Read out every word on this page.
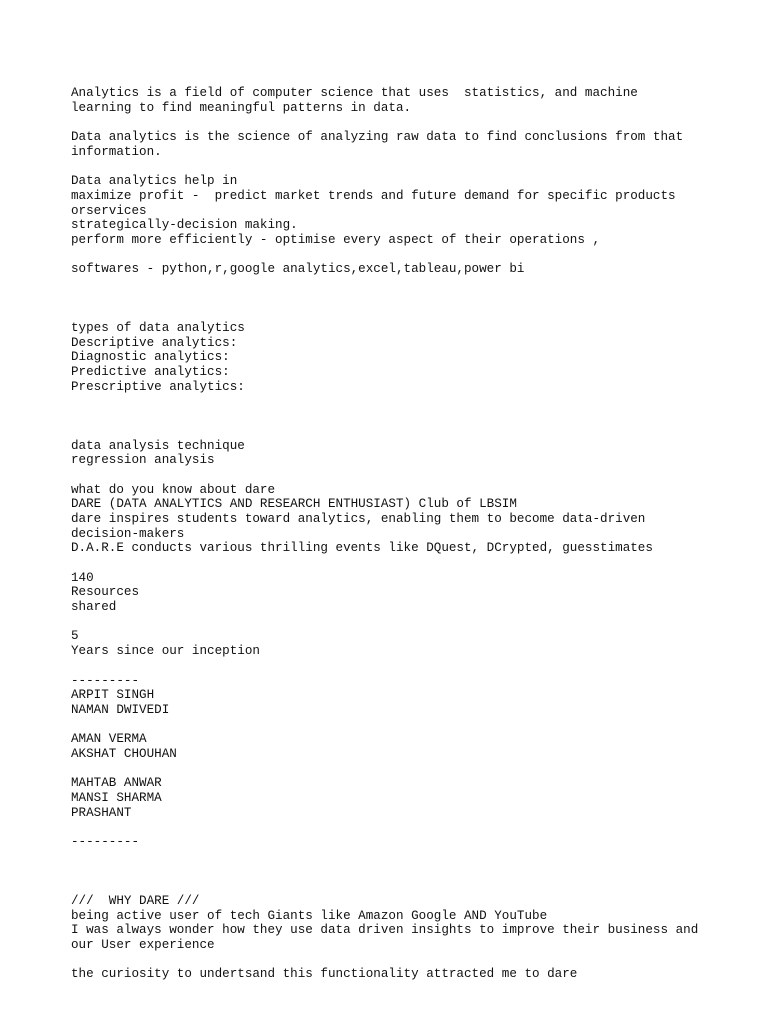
Analytics is a field of computer science that uses  statistics, and machine
learning to find meaningful patterns in data.
Data analytics is the science of analyzing raw data to find conclusions from that
information.
Data analytics help in
maximize profit -  predict market trends and future demand for specific products
orservices
strategically-decision making.
perform more efficiently - optimise every aspect of their operations ,
softwares - python,r,google analytics,excel,tableau,power bi
types of data analytics
Descriptive analytics:
Diagnostic analytics:
Predictive analytics:
Prescriptive analytics:
data analysis technique
regression analysis
what do you know about dare
DARE (DATA ANALYTICS AND RESEARCH ENTHUSIAST) Club of LBSIM
dare inspires students toward analytics, enabling them to become data-driven
decision-makers
D.A.R.E conducts various thrilling events like DQuest, DCrypted, guesstimates
140
Resources
shared
5
Years since our inception
---------
ARPIT SINGH
NAMAN DWIVEDI
AMAN VERMA
AKSHAT CHOUHAN
MAHTAB ANWAR
MANSI SHARMA
PRASHANT
---------
///  WHY DARE ///
being active user of tech Giants like Amazon Google AND YouTube
I was always wonder how they use data driven insights to improve their business and
our User experience
the curiosity to undertsand this functionality attracted me to dare
